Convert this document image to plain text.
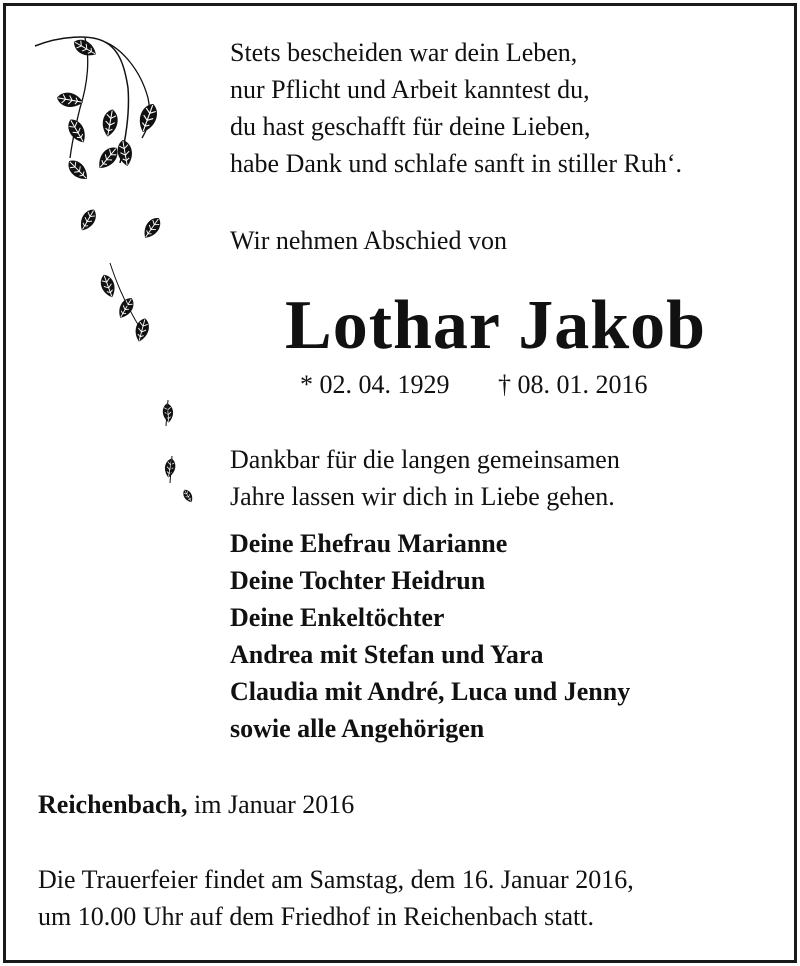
Stets bescheiden war dein Leben,
nur Pflicht und Arbeit kanntest du,
du hast geschafft für deine Lieben,
habe Dank und schlafe sanft in stiller Ruh‘.
Wir nehmen Abschied von
Lothar Jakob
* 02. 04. 1929 † 08. 01. 2016
Dankbar für die langen gemeinsamen
Jahre lassen wir dich in Liebe gehen.
Deine Ehefrau Marianne
Deine Tochter Heidrun
Deine Enkeltöchter
Andrea mit Stefan und Yara
Claudia mit André, Luca und Jenny
sowie alle Angehörigen
Reichenbach, im Januar 2016
Die Trauerfeier findet am Samstag, dem 16. Januar 2016,
um 10.00 Uhr auf dem Friedhof in Reichenbach statt.
